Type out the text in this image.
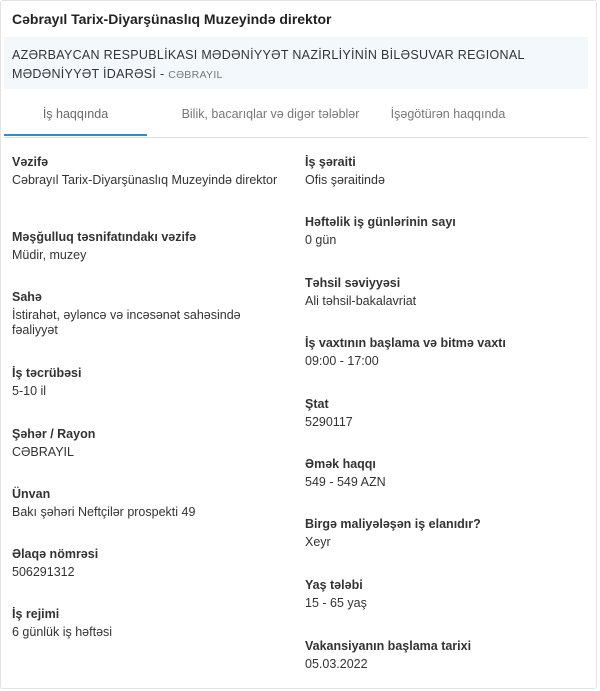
Cəbrayıl Tarix-Diyarşünaslıq Muzeyində direktor
AZƏRBAYCAN RESPUBLİKASI MƏDƏNİYYƏT NAZİRLİYİNİN BİLƏSUVAR REGIONAL MƏDƏNİYYƏT İDARƏSİ - CƏBRAYIL
İş haqqında	Bilik, bacarıqlar və digər tələblər	İşəgötürən haqqında
Vəzifə
Cəbrayıl Tarix-Diyarşünaslıq Muzeyində direktor
Məşğulluq təsnifatındakı vəzifə
Müdir, muzey
Sahə
İstirahət, əyləncə və incəsənət sahəsində fəaliyyət
İş təcrübəsi
5-10 il
Şəhər / Rayon
CƏBRAYIL
Ünvan
Bakı şəhəri Neftçilər prospekti 49
Əlaqə nömrəsi
506291312
İş rejimi
6 günlük iş həftəsi
İş şəraiti
Ofis şəraitində
Həftəlik iş günlərinin sayı
0 gün
Təhsil səviyyəsi
Ali təhsil-bakalavriat
İş vaxtının başlama və bitmə vaxtı
09:00 - 17:00
Ştat
5290117
Əmək haqqı
549 - 549 AZN
Birgə maliyələşən iş elanıdır?
Xeyr
Yaş tələbi
15 - 65 yaş
Vakansiyanın başlama tarixi
05.03.2022
